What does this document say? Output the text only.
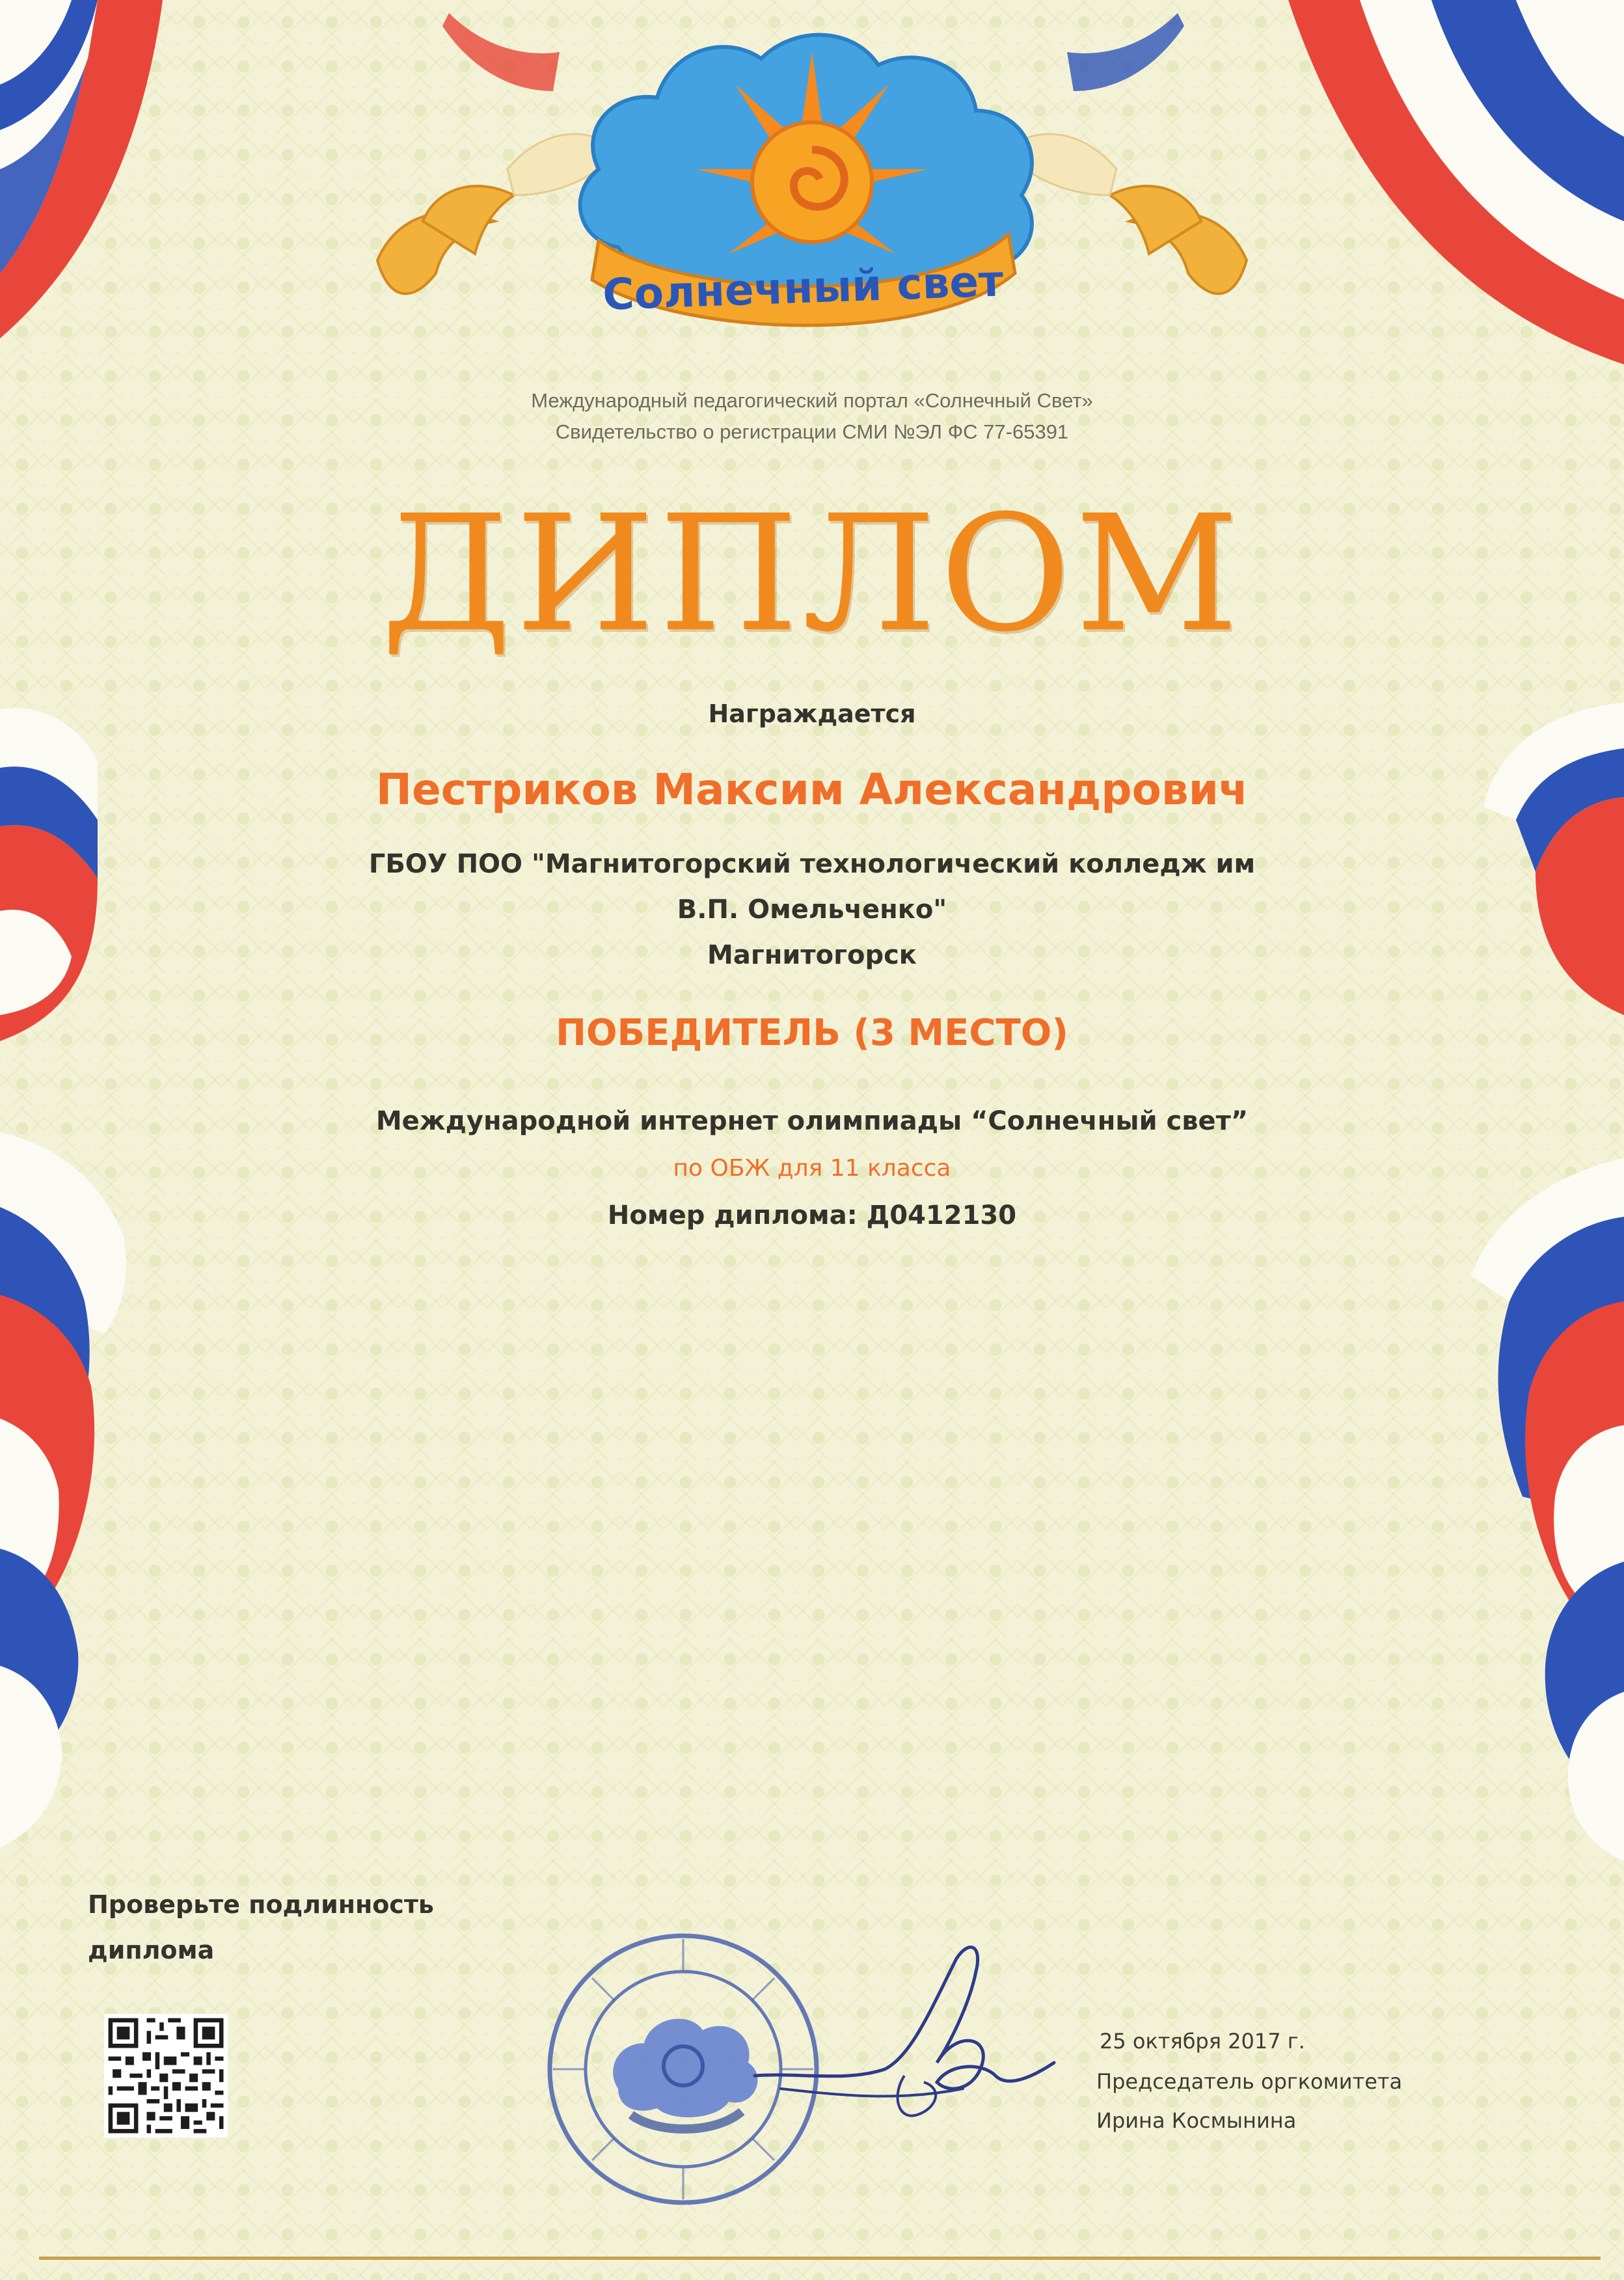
Солнечный свет
Международный педагогический портал «Солнечный Свет»
Свидетельство о регистрации СМИ №ЭЛ ФС 77-65391
ДИПЛОМ
Награждается
Пестриков Максим Александрович
ГБОУ ПОО "Магнитогорский технологический колледж им
В.П. Омельченко"
Магнитогорск
ПОБЕДИТЕЛЬ (3 МЕСТО)
Международной интернет олимпиады “Солнечный свет”
по ОБЖ для 11 класса
Номер диплома: Д0412130
Проверьте подлинность
диплома
25 октября 2017 г.
Председатель оргкомитета
Ирина Космынина
